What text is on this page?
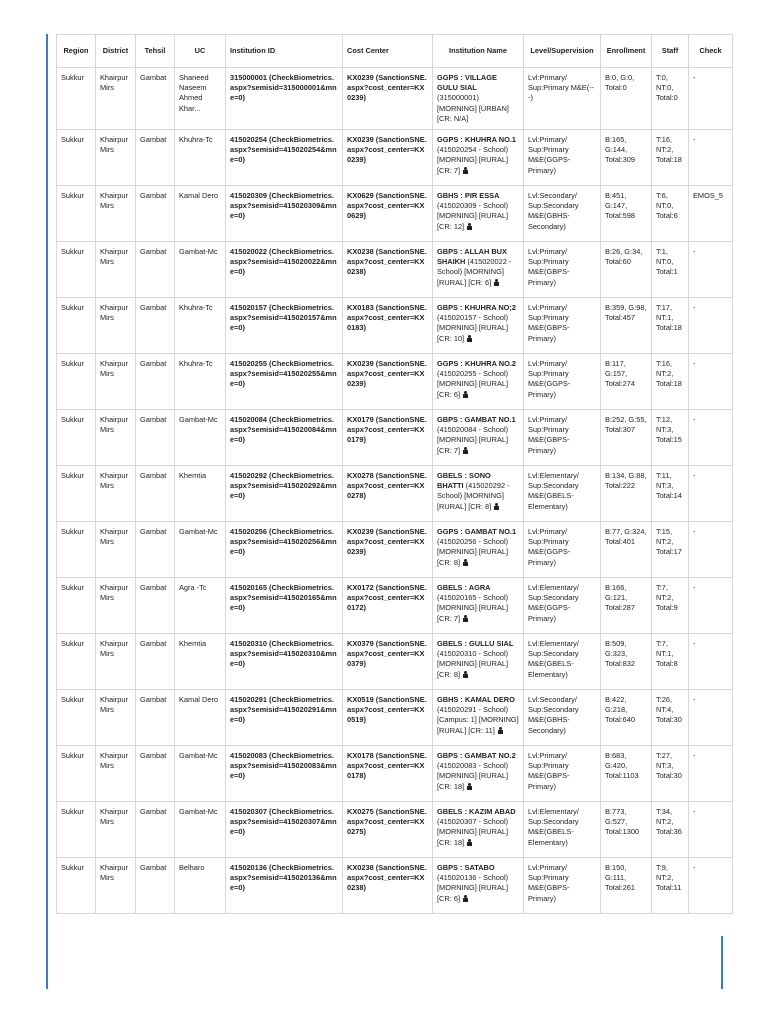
Region	District	Tehsil	UC	Institution ID	Cost Center	Institution Name	Level/Supervision	Enrollment	Staff	Check
Sukkur	Khairpur Mirs	Gambat	Shaneed Naseem Ahmed Khar...	315000001 (CheckBiometrics.aspx?semisid=315000001&mne=0)	KX0239 (SanctionSNE.aspx?cost_center=KX0239)	GGPS : VILLAGE GULU SIAL (315000001) [MORNING] [URBAN] [CR: N/A]	Lvl:Primary/ Sup:Primary M&E(---)	B:0, G:0, Total:0	T:0, NT:0, Total:0	-
Sukkur	Khairpur Mirs	Gambat	Khuhra-Tc	415020254 (CheckBiometrics.aspx?semisid=415020254&mne=0)	KX0239 (SanctionSNE.aspx?cost_center=KX0239)	GGPS : KHUHRA NO.1 (415020254 - School) [MORNING] [RURAL] [CR: 7]	Lvl:Primary/ Sup:Primary M&E(GGPS-Primary)	B:165, G:144, Total:309	T:16, NT:2, Total:18	-
Sukkur	Khairpur Mirs	Gambat	Kamal Dero	415020309 (CheckBiometrics.aspx?semisid=415020309&mne=0)	KX0629 (SanctionSNE.aspx?cost_center=KX0629)	GBHS : PIR ESSA (415020309 - School) [MORNING] [RURAL] [CR: 12]	Lvl:Secondary/ Sup:Secondary M&E(GBHS-Secondary)	B:451, G:147, Total:598	T:6, NT:0, Total:6	EMOS_5
Sukkur	Khairpur Mirs	Gambat	Gambat-Mc	415020022 (CheckBiometrics.aspx?semisid=415020022&mne=0)	KX0238 (SanctionSNE.aspx?cost_center=KX0238)	GBPS : ALLAH BUX SHAIKH (415020022 - School) [MORNING] [RURAL] [CR: 6]	Lvl:Primary/ Sup:Primary M&E(GBPS-Primary)	B:26, G:34, Total:60	T:1, NT:0, Total:1	-
Sukkur	Khairpur Mirs	Gambat	Khuhra-Tc	415020157 (CheckBiometrics.aspx?semisid=415020157&mne=0)	KX0183 (SanctionSNE.aspx?cost_center=KX0183)	GBPS : KHUHRA NO;2 (415020157 - School) [MORNING] [RURAL] [CR: 10]	Lvl:Primary/ Sup:Primary M&E(GBPS-Primary)	B:359, G:98, Total:457	T:17, NT:1, Total:18	-
Sukkur	Khairpur Mirs	Gambat	Khuhra-Tc	415020255 (CheckBiometrics.aspx?semisid=415020255&mne=0)	KX0239 (SanctionSNE.aspx?cost_center=KX0239)	GGPS : KHUHRA NO.2 (415020255 - School) [MORNING] [RURAL] [CR: 6]	Lvl:Primary/ Sup:Primary M&E(GGPS-Primary)	B:117, G:157, Total:274	T:16, NT:2, Total:18	-
Sukkur	Khairpur Mirs	Gambat	Gambat-Mc	415020084 (CheckBiometrics.aspx?semisid=415020084&mne=0)	KX0179 (SanctionSNE.aspx?cost_center=KX0179)	GBPS : GAMBAT NO.1 (415020084 - School) [MORNING] [RURAL] [CR: 7]	Lvl:Primary/ Sup:Primary M&E(GBPS-Primary)	B:252, G:55, Total:307	T:12, NT:3, Total:15	-
Sukkur	Khairpur Mirs	Gambat	Khemtia	415020292 (CheckBiometrics.aspx?semisid=415020292&mne=0)	KX0278 (SanctionSNE.aspx?cost_center=KX0278)	GBELS : SONO BHATTI (415020292 - School) [MORNING] [RURAL] [CR: 8]	Lvl:Elementary/ Sup:Secondary M&E(GBELS-Elementary)	B:134, G:88, Total:222	T:11, NT:3, Total:14	-
Sukkur	Khairpur Mirs	Gambat	Gambat-Mc	415020256 (CheckBiometrics.aspx?semisid=415020256&mne=0)	KX0239 (SanctionSNE.aspx?cost_center=KX0239)	GGPS : GAMBAT NO.1 (415020256 - School) [MORNING] [RURAL] [CR: 8]	Lvl:Primary/ Sup:Primary M&E(GGPS-Primary)	B:77, G:324, Total:401	T:15, NT:2, Total:17	-
Sukkur	Khairpur Mirs	Gambat	Agra -Tc	415020165 (CheckBiometrics.aspx?semisid=415020165&mne=0)	KX0172 (SanctionSNE.aspx?cost_center=KX0172)	GBELS : AGRA (415020165 - School) [MORNING] [RURAL] [CR: 7]	Lvl:Elementary/ Sup:Secondary M&E(GGPS-Primary)	B:166, G:121, Total:287	T:7, NT:2, Total:9	-
Sukkur	Khairpur Mirs	Gambat	Khemtia	415020310 (CheckBiometrics.aspx?semisid=415020310&mne=0)	KX0379 (SanctionSNE.aspx?cost_center=KX0379)	GBELS : GULLU SIAL (415020310 - School) [MORNING] [RURAL] [CR: 8]	Lvl:Elementary/ Sup:Secondary M&E(GBELS-Elementary)	B:509, G:323, Total:832	T:7, NT:1, Total:8	-
Sukkur	Khairpur Mirs	Gambat	Kamal Dero	415020291 (CheckBiometrics.aspx?semisid=415020291&mne=0)	KX0519 (SanctionSNE.aspx?cost_center=KX0519)	GBHS : KAMAL DERO (415020291 - School) [Campus: 1] [MORNING] [RURAL] [CR: 11]	Lvl:Secondary/ Sup:Secondary M&E(GBHS-Secondary)	B:422, G:218, Total:640	T:26, NT:4, Total:30	-
Sukkur	Khairpur Mirs	Gambat	Gambat-Mc	415020083 (CheckBiometrics.aspx?semisid=415020083&mne=0)	KX0178 (SanctionSNE.aspx?cost_center=KX0178)	GBPS : GAMBAT NO.2 (415020083 - School) [MORNING] [RURAL] [CR: 18]	Lvl:Primary/ Sup:Primary M&E(GBPS-Primary)	B:683, G:420, Total:1103	T:27, NT:3, Total:30	-
Sukkur	Khairpur Mirs	Gambat	Gambat-Mc	415020307 (CheckBiometrics.aspx?semisid=415020307&mne=0)	KX0275 (SanctionSNE.aspx?cost_center=KX0275)	GBELS : KAZIM ABAD (415020307 - School) [MORNING] [RURAL] [CR: 18]	Lvl:Elementary/ Sup:Secondary M&E(GBELS-Elementary)	B:773, G:527, Total:1300	T:34, NT:2, Total:36	-
Sukkur	Khairpur Mirs	Gambat	Belharo	415020136 (CheckBiometrics.aspx?semisid=415020136&mne=0)	KX0238 (SanctionSNE.aspx?cost_center=KX0238)	GBPS : SATABO (415020136 - School) [MORNING] [RURAL] [CR: 6]	Lvl:Primary/ Sup:Primary M&E(GBPS-Primary)	B:150, G:111, Total:261	T:9, NT:2, Total:11	-
